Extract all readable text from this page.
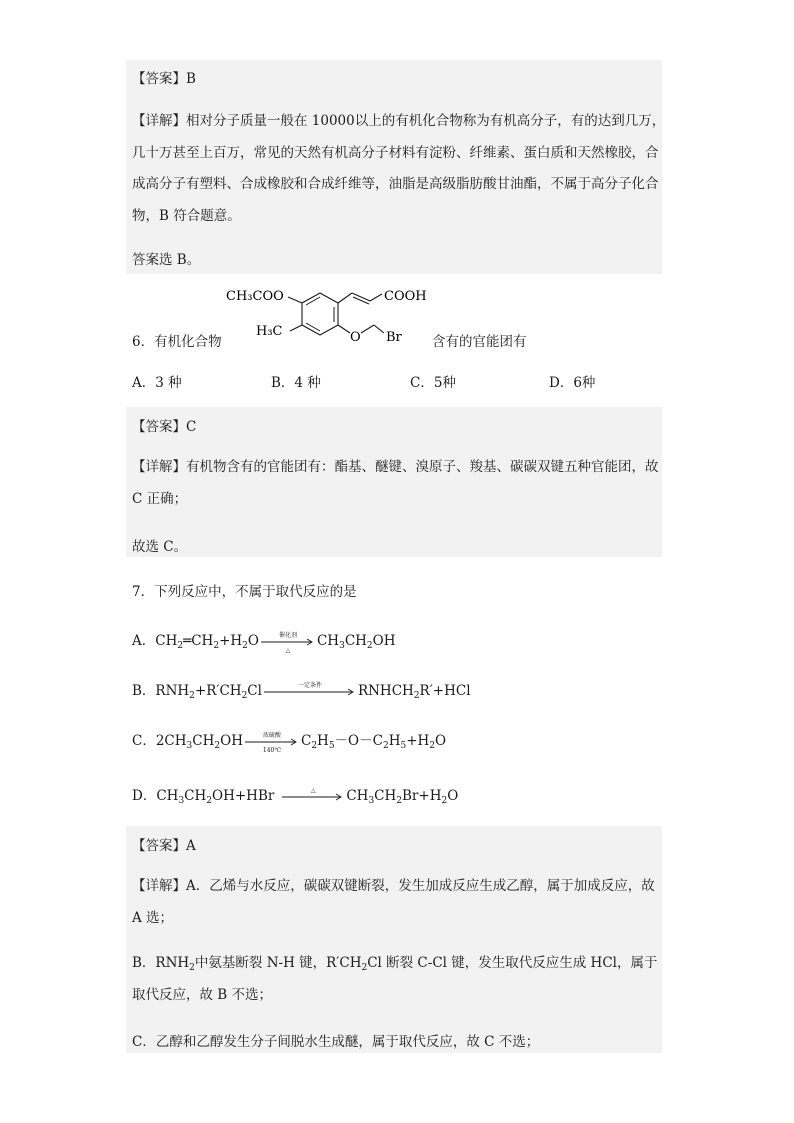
【答案】B
【详解】相对分子质量一般在 10000以上的有机化合物称为有机高分子，有的达到几万，几十万甚至上百万，常见的天然有机高分子材料有淀粉、纤维素、蛋白质和天然橡胶，合成高分子有塑料、合成橡胶和合成纤维等，油脂是高级脂肪酸甘油酯，不属于高分子化合物，B 符合题意。
答案选 B。
6．有机化合物
CH₃COO
H₃C
COOH
O Br 含有的官能团有
A．3 种	B．4 种	C．5种	D．6种
【答案】C
【详解】有机物含有的官能团有：酯基、醚键、溴原子、羧基、碳碳双键五种官能团，故 C 正确；
故选 C。
7．下列反应中，不属于取代反应的是
A．$CH_2═CH_2+H_2O$	催化剂
△
$CH_3CH_2OH$
B．$RNH_2+R'CH_2Cl$	一定条件	$RNHCH_2R'+HCl$
C．$2CH_3CH_2OH$	浓硫酸
140℃
$C_2H_5-O-C_2H_5+H_2O$
D．$CH_3CH_2OH+HBr$	△	$CH_3CH_2Br+H_2O$
【答案】A
【详解】A．乙烯与水反应，碳碳双键断裂，发生加成反应生成乙醇，属于加成反应，故 A 选；
B．$RNH_2$中氨基断裂 N-H 键，$R'CH_2Cl$ 断裂 C-Cl 键，发生取代反应生成 HCl，属于取代反应，故 B 不选；
C．乙醇和乙醇发生分子间脱水生成醚，属于取代反应，故 C 不选；
